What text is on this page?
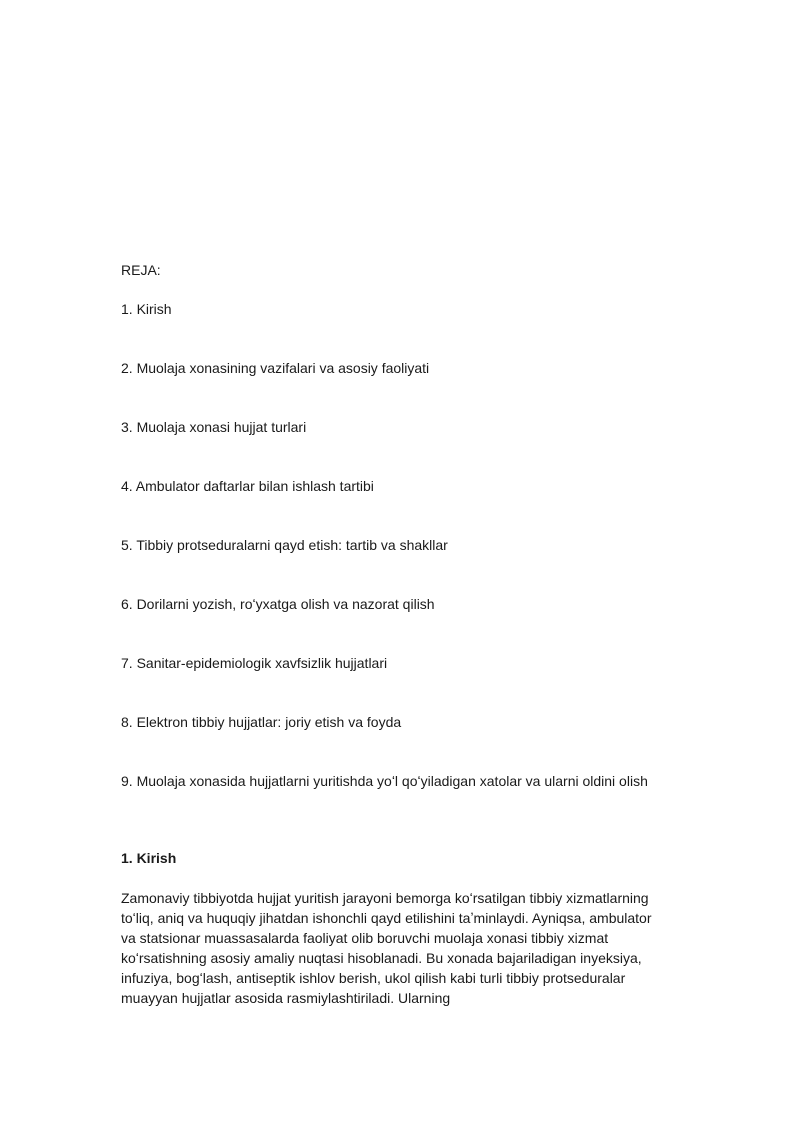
REJA:

1. Kirish
2. Muolaja xonasining vazifalari va asosiy faoliyati
3. Muolaja xonasi hujjat turlari
4. Ambulator daftarlar bilan ishlash tartibi
5. Tibbiy protseduralarni qayd etish: tartib va shakllar
6. Dorilarni yozish, roʻyxatga olish va nazorat qilish
7. Sanitar-epidemiologik xavfsizlik hujjatlari
8. Elektron tibbiy hujjatlar: joriy etish va foyda
9. Muolaja xonasida hujjatlarni yuritishda yoʻl qoʻyiladigan xatolar va ularni oldini olish
1. Kirish

Zamonaviy tibbiyotda hujjat yuritish jarayoni bemorga koʻrsatilgan tibbiy xizmatlarning toʻliq, aniq va huquqiy jihatdan ishonchli qayd etilishini taʼminlaydi. Ayniqsa, ambulator va statsionar muassasalarda faoliyat olib boruvchi muolaja xonasi tibbiy xizmat koʻrsatishning asosiy amaliy nuqtasi hisoblanadi. Bu xonada bajariladigan inyeksiya, infuziya, bogʻlash, antiseptik ishlov berish, ukol qilish kabi turli tibbiy protseduralar muayyan hujjatlar asosida rasmiylashtiriladi. Ularning
